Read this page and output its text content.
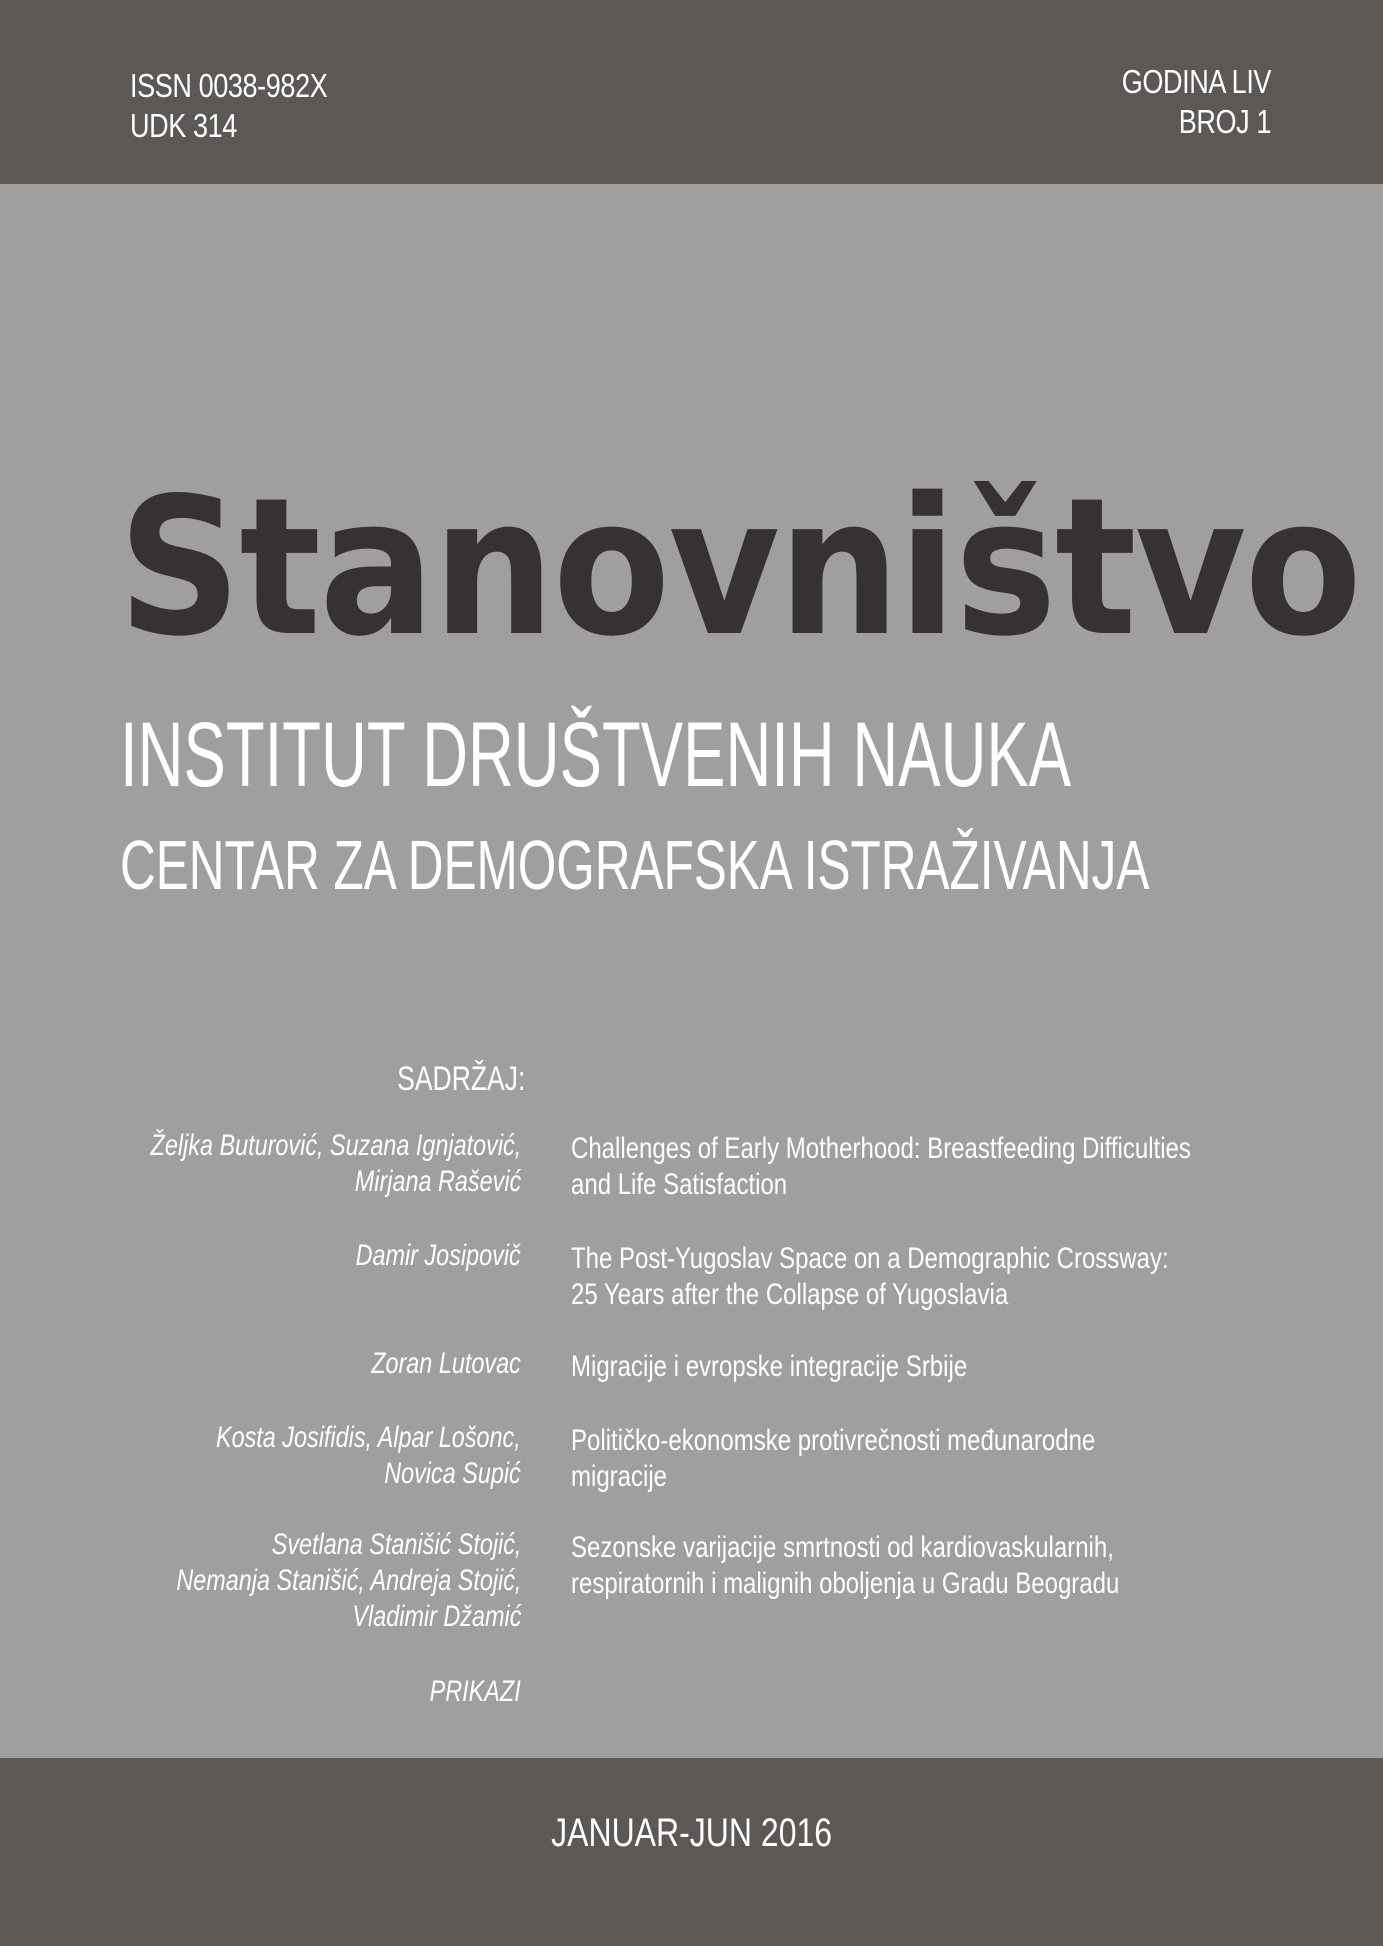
ISSN 0038-982X
UDK 314
GODINA LIV
BROJ 1
Stanovništvo
INSTITUT DRUŠTVENIH NAUKA
CENTAR ZA DEMOGRAFSKA ISTRAŽIVANJA
SADRŽAJ:
Željka Buturović, Suzana Ignjatović,
Mirjana Rašević
Challenges of Early Motherhood: Breastfeeding Difficulties
and Life Satisfaction
Damir Josipovič The Post-Yugoslav Space on a Demographic Crossway:
25 Years after the Collapse of Yugoslavia
Zoran Lutovac Migracije i evropske integracije Srbije
Kosta Josifidis, Alpar Lošonc,
Novica Supić
Političko-ekonomske protivrečnosti međunarodne
migracije
Svetlana Stanišić Stojić,
Nemanja Stanišić, Andreja Stojić,
Vladimir Džamić
Sezonske varijacije smrtnosti od kardiovaskularnih,
respiratornih i malignih oboljenja u Gradu Beogradu
PRIKAZI
JANUAR-JUN 2016
